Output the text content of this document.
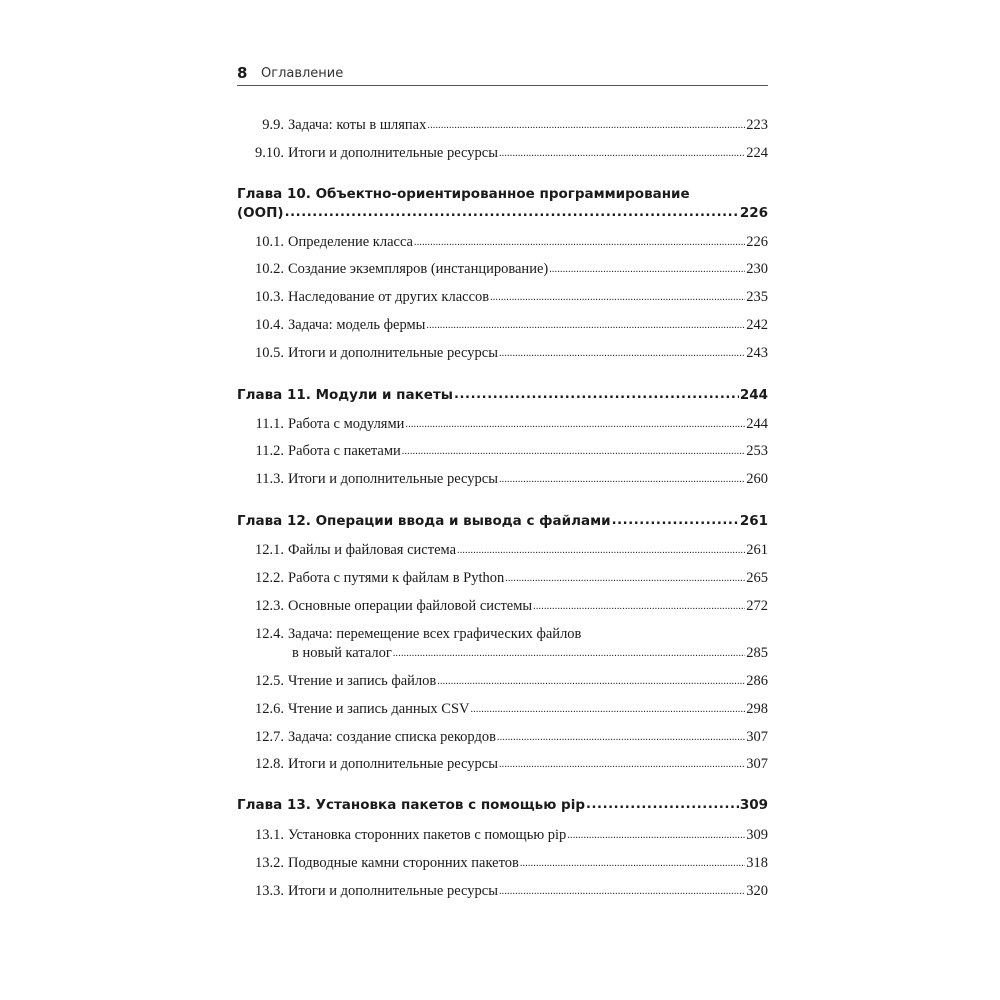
8 Оглавление
9.9. Задача: коты в шляпах .....	223
9.10. Итоги и дополнительные ресурсы .....	224
Глава 10. Объектно-ориентированное программирование
(ООП) .....	226
10.1. Определение класса .....	226
10.2. Создание экземпляров (инстанцирование) .....	230
10.3. Наследование от других классов .....	235
10.4. Задача: модель фермы .....	242
10.5. Итоги и дополнительные ресурсы .....	243
Глава 11. Модули и пакеты .....	244
11.1. Работа с модулями .....	244
11.2. Работа с пакетами .....	253
11.3. Итоги и дополнительные ресурсы .....	260
Глава 12. Операции ввода и вывода с файлами .....	261
12.1. Файлы и файловая система .....	261
12.2. Работа с путями к файлам в Python .....	265
12.3. Основные операции файловой системы .....	272
12.4. Задача: перемещение всех графических файлов
в новый каталог .....	285
12.5. Чтение и запись файлов .....	286
12.6. Чтение и запись данных CSV .....	298
12.7. Задача: создание списка рекордов .....	307
12.8. Итоги и дополнительные ресурсы .....	307
Глава 13. Установка пакетов с помощью pip .....	309
13.1. Установка сторонних пакетов с помощью pip .....	309
13.2. Подводные камни сторонних пакетов .....	318
13.3. Итоги и дополнительные ресурсы .....	320
